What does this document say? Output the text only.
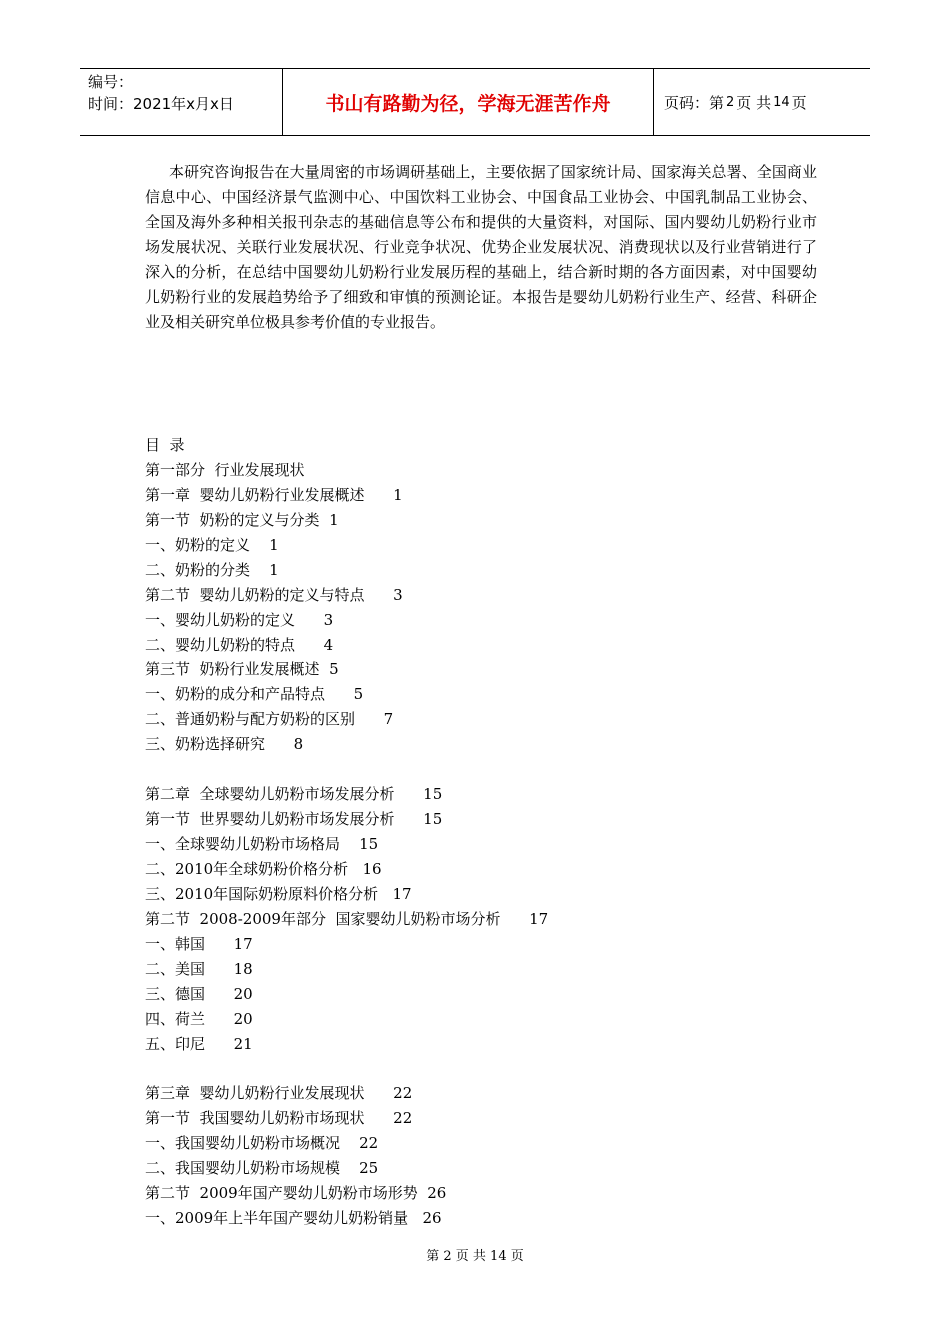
编号：
时间：2021年x月x日	书山有路勤为径，学海无涯苦作舟	页码：第 2 页 共 14 页

本研究咨询报告在大量周密的市场调研基础上，主要依据了国家统计局、国家海关总署、全国商业信息中心、中国经济景气监测中心、中国饮料工业协会、中国食品工业协会、中国乳制品工业协会、全国及海外多种相关报刊杂志的基础信息等公布和提供的大量资料，对国际、国内婴幼儿奶粉行业市场发展状况、关联行业发展状况、行业竞争状况、优势企业发展状况、消费现状以及行业营销进行了深入的分析，在总结中国婴幼儿奶粉行业发展历程的基础上，结合新时期的各方面因素，对中国婴幼儿奶粉行业的发展趋势给予了细致和审慎的预测论证。本报告是婴幼儿奶粉行业生产、经营、科研企业及相关研究单位极具参考价值的专业报告。

目  录
第一部分  行业发展现状
第一章  婴幼儿奶粉行业发展概述      1
第一节  奶粉的定义与分类  1
一、奶粉的定义    1
二、奶粉的分类    1
第二节  婴幼儿奶粉的定义与特点      3
一、婴幼儿奶粉的定义      3
二、婴幼儿奶粉的特点      4
第三节  奶粉行业发展概述  5
一、奶粉的成分和产品特点      5
二、普通奶粉与配方奶粉的区别      7
三、奶粉选择研究      8
第二章  全球婴幼儿奶粉市场发展分析      15
第一节  世界婴幼儿奶粉市场发展分析      15
一、全球婴幼儿奶粉市场格局    15
二、2010年全球奶粉价格分析   16
三、2010年国际奶粉原料价格分析   17
第二节  2008-2009年部分  国家婴幼儿奶粉市场分析      17
一、韩国      17
二、美国      18
三、德国      20
四、荷兰      20
五、印尼      21
第三章  婴幼儿奶粉行业发展现状      22
第一节  我国婴幼儿奶粉市场现状      22
一、我国婴幼儿奶粉市场概况    22
二、我国婴幼儿奶粉市场规模    25
第二节  2009年国产婴幼儿奶粉市场形势  26
一、2009年上半年国产婴幼儿奶粉销量   26
第 2 页 共 14 页
